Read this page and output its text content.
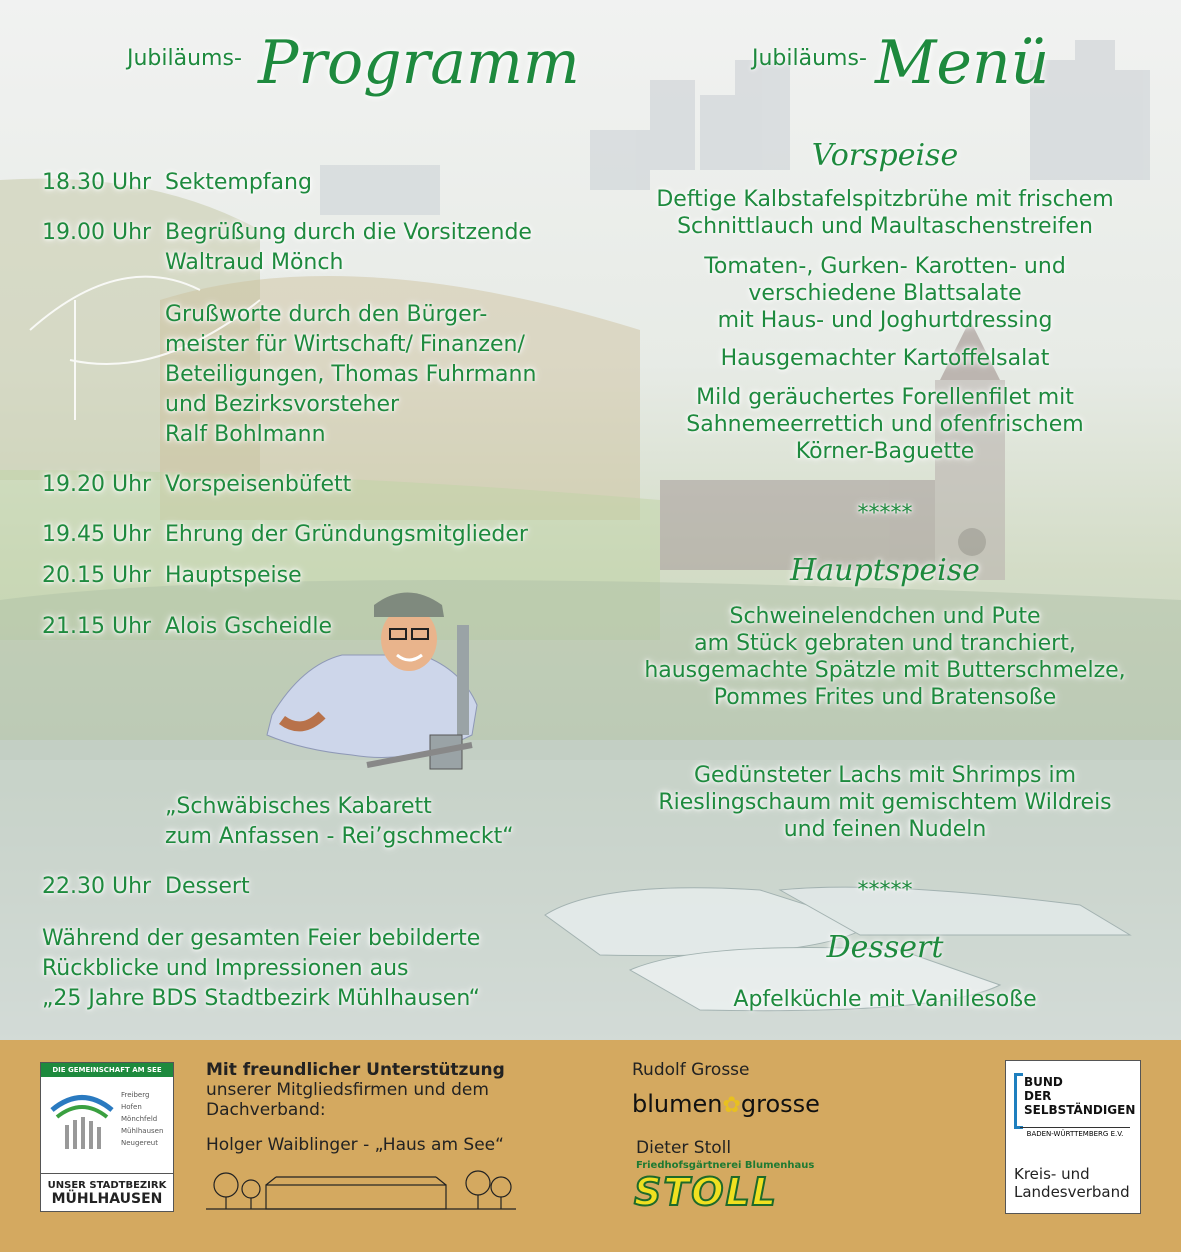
Jubiläums- Programm	Jubiläums- Menü
18.30 Uhr Sektempfang
19.00 Uhr Begrüßung durch die Vorsitzende
Waltraud Mönch
Grußworte durch den Bürger-
meister für Wirtschaft/ Finanzen/
Beteiligungen, Thomas Fuhrmann
und Bezirksvorsteher
Ralf Bohlmann
19.20 Uhr Vorspeisenbüfett
19.45 Uhr Ehrung der Gründungsmitglieder
20.15 Uhr Hauptspeise
21.15 Uhr Alois Gscheidle
„Schwäbisches Kabarett
zum Anfassen - Rei’gschmeckt“
22.30 Uhr Dessert
Während der gesamten Feier bebilderte
Rückblicke und Impressionen aus
„25 Jahre BDS Stadtbezirk Mühlhausen“
Vorspeise
Deftige Kalbstafelspitzbrühe mit frischem
Schnittlauch und Maultaschenstreifen
Tomaten-, Gurken- Karotten- und
verschiedene Blattsalate
mit Haus- und Joghurtdressing
Hausgemachter Kartoffelsalat
Mild geräuchertes Forellenfilet mit
Sahnemeerrettich und ofenfrischem
Körner-Baguette
*****
Hauptspeise
Schweinelendchen und Pute
am Stück gebraten und tranchiert,
hausgemachte Spätzle mit Butterschmelze,
Pommes Frites und Bratensoße
Gedünsteter Lachs mit Shrimps im
Rieslingschaum mit gemischtem Wildreis
und feinen Nudeln
*****
Dessert
Apfelküchle mit Vanillesoße
DIE GEMEINSCHAFT AM SEE
Freiberg
Hofen
Mönchfeld
Mühlhausen
Neugereut
UNSER STADTBEZIRK
MÜHLHAUSEN
Mit freundlicher Unterstützung
unserer Mitgliedsfirmen und dem
Dachverband:
Holger Waiblinger - „Haus am See“
Rudolf Grosse
blumen✿grosse
Dieter Stoll
Friedhofsgärtnerei Blumenhaus
STOLL
BUND
DER
SELBSTÄNDIGEN
BADEN-WÜRTTEMBERG E.V.
Kreis- und
Landesverband
